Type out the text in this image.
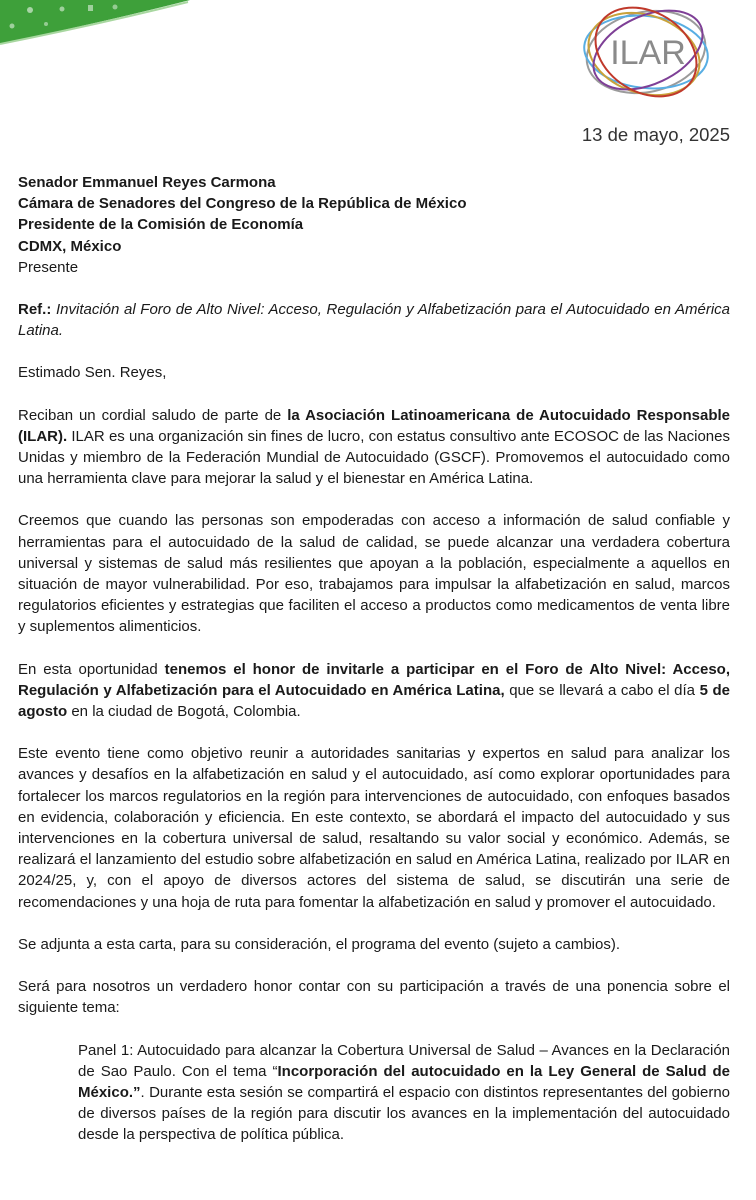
ILAR
13 de mayo, 2025
Senador Emmanuel Reyes Carmona
Cámara de Senadores del Congreso de la República de México
Presidente de la Comisión de Economía
CDMX, México
Presente

Ref.: Invitación al Foro de Alto Nivel: Acceso, Regulación y Alfabetización para el Autocuidado en América Latina.

Estimado Sen. Reyes,

Reciban un cordial saludo de parte de la Asociación Latinoamericana de Autocuidado Responsable (ILAR). ILAR es una organización sin fines de lucro, con estatus consultivo ante ECOSOC de las Naciones Unidas y miembro de la Federación Mundial de Autocuidado (GSCF). Promovemos el autocuidado como una herramienta clave para mejorar la salud y el bienestar en América Latina.

Creemos que cuando las personas son empoderadas con acceso a información de salud confiable y herramientas para el autocuidado de la salud de calidad, se puede alcanzar una verdadera cobertura universal y sistemas de salud más resilientes que apoyan a la población, especialmente a aquellos en situación de mayor vulnerabilidad. Por eso, trabajamos para impulsar la alfabetización en salud, marcos regulatorios eficientes y estrategias que faciliten el acceso a productos como medicamentos de venta libre y suplementos alimenticios.

En esta oportunidad tenemos el honor de invitarle a participar en el Foro de Alto Nivel: Acceso, Regulación y Alfabetización para el Autocuidado en América Latina, que se llevará a cabo el día 5 de agosto en la ciudad de Bogotá, Colombia.

Este evento tiene como objetivo reunir a autoridades sanitarias y expertos en salud para analizar los avances y desafíos en la alfabetización en salud y el autocuidado, así como explorar oportunidades para fortalecer los marcos regulatorios en la región para intervenciones de autocuidado, con enfoques basados en evidencia, colaboración y eficiencia. En este contexto, se abordará el impacto del autocuidado y sus intervenciones en la cobertura universal de salud, resaltando su valor social y económico. Además, se realizará el lanzamiento del estudio sobre alfabetización en salud en América Latina, realizado por ILAR en 2024/25, y, con el apoyo de diversos actores del sistema de salud, se discutirán una serie de recomendaciones y una hoja de ruta para fomentar la alfabetización en salud y promover el autocuidado.

Se adjunta a esta carta, para su consideración, el programa del evento (sujeto a cambios).

Será para nosotros un verdadero honor contar con su participación a través de una ponencia sobre el siguiente tema:

Panel 1: Autocuidado para alcanzar la Cobertura Universal de Salud – Avances en la Declaración de Sao Paulo. Con el tema “Incorporación del autocuidado en la Ley General de Salud de México.”. Durante esta sesión se compartirá el espacio con distintos representantes del gobierno de diversos países de la región para discutir los avances en la implementación del autocuidado desde la perspectiva de política pública.
